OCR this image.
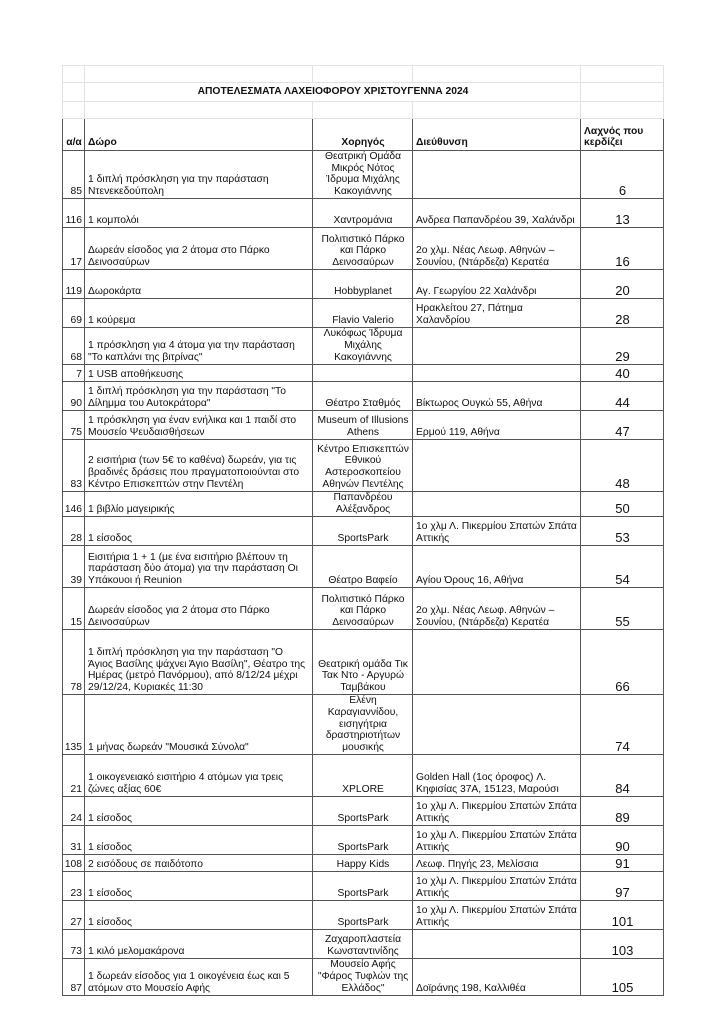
	ΑΠΟΤΕΛΕΣΜΑΤΑ ΛΑΧΕΙΟΦΟΡΟΥ ΧΡΙΣΤΟΥΓΕΝΝΑ 2024			

α/α	Δώρο	Χορηγός	Διεύθυνση	Λαχνός που κερδίζει
85	1 διπλή πρόσκληση για την παράσταση Ντενεκεδούπολη	Θεατρική Ομάδα Μικρός Νότος Ίδρυμα Μιχάλης Κακογιάννης		6
116	1 κομπολόι	Χαντρομάνια	Ανδρεα Παπανδρέου 39, Χαλάνδρι	13
17	Δωρεάν είσοδος για 2 άτομα στο Πάρκο Δεινοσαύρων	Πολιτιστικό Πάρκο και Πάρκο Δεινοσαύρων	2ο χλμ. Νέας Λεωφ. Αθηνών – Σουνίου, (Ντάρδεζα) Κερατέα	16
119	Δωροκάρτα	Hobbyplanet	Αγ. Γεωργίου 22 Χαλάνδρι	20
69	1 κούρεμα	Flavio Valerio	Ηρακλείτου 27, Πάτημα Χαλανδρίου	28
68	1 πρόσκληση για 4 άτομα για την παράσταση "Το καπλάνι της βιτρίνας"	Λυκόφως Ίδρυμα Μιχάλης Κακογιάννης		29
7	1 USB αποθήκευσης			40
90	1 διπλή πρόσκληση για την παράσταση "Το Δίλημμα του Αυτοκράτορα"	Θέατρο Σταθμός	Βίκτωρος Ουγκώ 55, Αθήνα	44
75	1 πρόσκληση για έναν ενήλικα και 1 παιδί στο Μουσείο Ψευδαισθήσεων	Museum of Illusions Athens	Ερμού 119, Αθήνα	47
83	2 εισιτήρια (των 5€ το καθένα) δωρεάν, για τις βραδινές δράσεις που πραγματοποιούνται στο Κέντρο Επισκεπτών στην Πεντέλη	Κέντρο Επισκεπτών Εθνικού Αστεροσκοπείου Αθηνών Πεντέλης		48
146	1 βιβλίο μαγειρικής	Παπανδρέου Αλέξανδρος		50
28	1 είσοδος	SportsPark	1ο χλμ Λ. Πικερμίου Σπατών Σπάτα Αττικής	53
39	Εισιτήρια 1 + 1 (με ένα εισιτήριο βλέπουν τη παράσταση δύο άτομα) για την παράσταση Οι Υπάκουοι ή Reunion	Θέατρο Βαφείο	Αγίου Όρους 16, Αθήνα	54
15	Δωρεάν είσοδος για 2 άτομα στο Πάρκο Δεινοσαύρων	Πολιτιστικό Πάρκο και Πάρκο Δεινοσαύρων	2ο χλμ. Νέας Λεωφ. Αθηνών – Σουνίου, (Ντάρδεζα) Κερατέα	55
78	1 διπλή πρόσκληση για την παράσταση "Ο Άγιος Βασίλης ψάχνει Άγιο Βασίλη", Θέατρο της Ημέρας (μετρό Πανόρμου), από 8/12/24 μέχρι 29/12/24, Κυριακές 11:30	Θεατρική ομάδα Τικ Τακ Ντο - Αργυρώ Ταμβάκου		66
135	1 μήνας δωρεάν "Μουσικά Σύνολα"	Ελένη Καραγιαννίδου, εισηγήτρια δραστηριοτήτων μουσικής		74
21	1 οικογενειακό εισιτήριο 4 ατόμων για τρεις ζώνες αξίας 60€	XPLORE	Golden Hall (1ος όροφος) Λ. Κηφισίας 37Α, 15123, Μαρούσι	84
24	1 είσοδος	SportsPark	1ο χλμ Λ. Πικερμίου Σπατών Σπάτα Αττικής	89
31	1 είσοδος	SportsPark	1ο χλμ Λ. Πικερμίου Σπατών Σπάτα Αττικής	90
108	2 εισόδους σε παιδότοπο	Happy Kids	Λεωφ. Πηγής 23, Μελίσσια	91
23	1 είσοδος	SportsPark	1ο χλμ Λ. Πικερμίου Σπατών Σπάτα Αττικής	97
27	1 είσοδος	SportsPark	1ο χλμ Λ. Πικερμίου Σπατών Σπάτα Αττικής	101
73	1 κιλό μελομακάρονα	Ζαχαροπλαστεία Κωνσταντινίδης		103
87	1 δωρεάν είσοδος για 1 οικογένεια έως και 5 ατόμων στο Μουσείο Αφής	Μουσείο Αφής "Φάρος Τυφλών της Ελλάδος"	Δοϊράνης 198, Καλλιθέα	105
